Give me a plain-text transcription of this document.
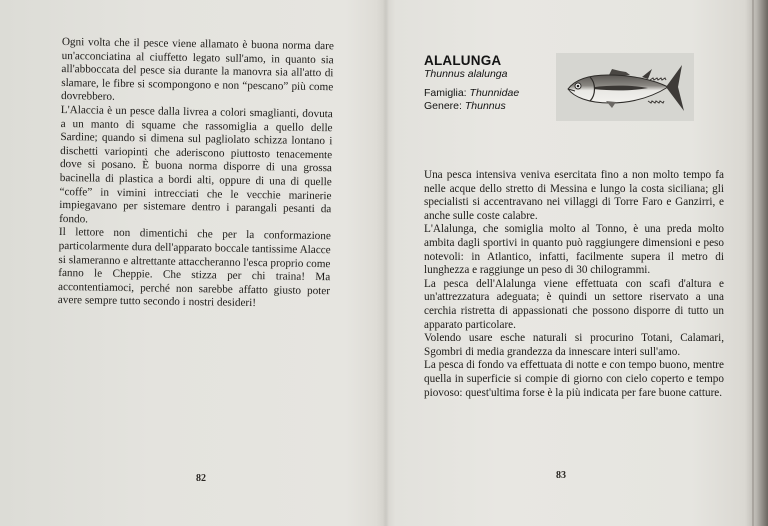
Ogni volta che il pesce viene allamato è buona norma dare un'acconciatina al ciuffetto legato sull'amo, in quanto sia all'abboccata del pesce sia durante la manovra sia all'atto di slamare, le fibre si scompongono e non “pescano” più come dovrebbero.

L'Alaccia è un pesce dalla livrea a colori smaglianti, dovuta a un manto di squame che rassomiglia a quello delle Sardine; quando si dimena sul pagliolato schizza lontano i dischetti variopinti che aderiscono piuttosto tenacemente dove si posano. È buona norma disporre di una grossa bacinella di plastica a bordi alti, oppure di una di quelle “coffe” in vimini intrecciati che le vecchie marinerie impiegavano per sistemare dentro i parangali pesanti da fondo.

Il lettore non dimentichi che per la conformazione particolarmente dura dell'apparato boccale tantissime Alacce si slameranno e altrettante attaccheranno l'esca proprio come fanno le Cheppie. Che stizza per chi traina! Ma accontentiamoci, perché non sarebbe affatto giusto poter avere sempre tutto secondo i nostri desideri!

82
ALALUNGA
Thunnus alalunga
Famiglia: Thunnidae
Genere: Thunnus

Una pesca intensiva veniva esercitata fino a non molto tempo fa nelle acque dello stretto di Messina e lungo la costa siciliana; gli specialisti si accentravano nei villaggi di Torre Faro e Ganzirri, e anche sulle coste calabre.

L'Alalunga, che somiglia molto al Tonno, è una preda molto ambita dagli sportivi in quanto può raggiungere dimensioni e peso notevoli: in Atlantico, infatti, facilmente supera il metro di lunghezza e raggiunge un peso di 30 chilogrammi.

La pesca dell'Alalunga viene effettuata con scafi d'altura e un'attrezzatura adeguata; è quindi un settore riservato a una cerchia ristretta di appassionati che possono disporre di tutto un apparato particolare.

Volendo usare esche naturali si procurino Totani, Calamari, Sgombri di media grandezza da innescare interi sull'amo.

La pesca di fondo va effettuata di notte e con tempo buono, mentre quella in superficie si compie di giorno con cielo coperto e tempo piovoso: quest'ultima forse è la più indicata per fare buone catture.

83
